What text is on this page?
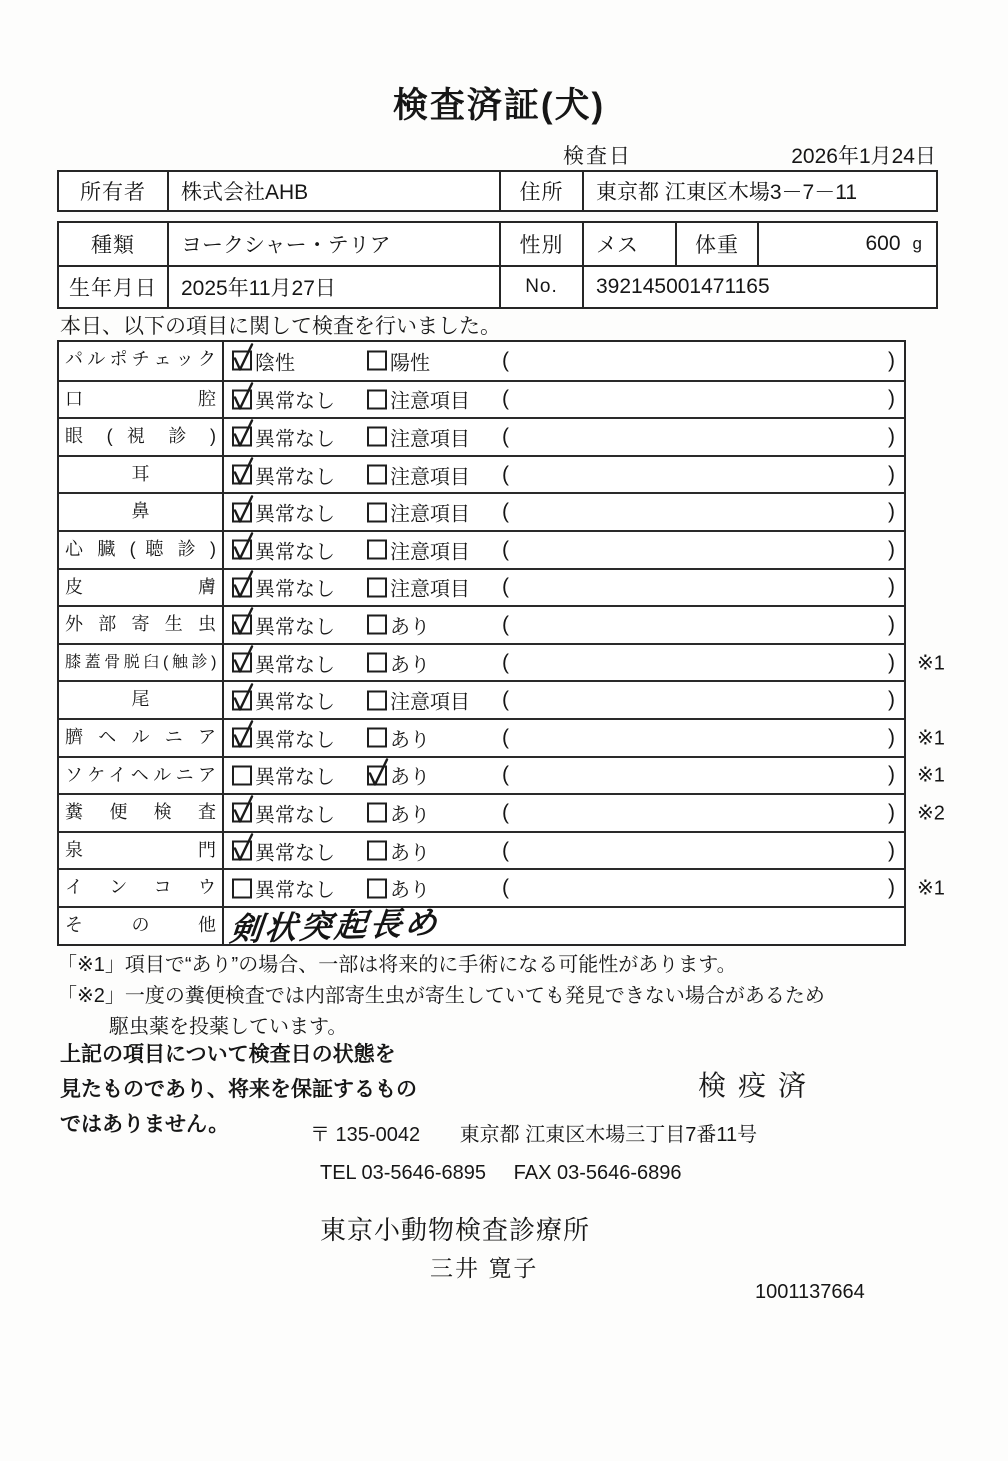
検査済証(犬)
検査日	2026年1月24日
所有者	株式会社AHB	住所	東京都 江東区木場3－7－11
種類	ヨークシャー・テリア	性別	メス	体重	600 g
生年月日	2025年11月27日	No.	392145001471165
本日、以下の項目に関して検査を行いました。
パルポチェック	陰性	陽性	(	)
口腔	異常なし	注意項目 (	)
眼 ( 視 診 )	異常なし	注意項目 (	)
耳	異常なし	注意項目 (	)
鼻	異常なし	注意項目 (	)
心 臓 ( 聴 診 )	異常なし	注意項目 (	)
皮膚	異常なし	注意項目 (	)
外部寄生虫	異常なし	あり	(	)
膝蓋骨脱臼(触診)	異常なし	あり	(	) ※1
尾	異常なし	注意項目 (	)
臍ヘルニア	異常なし	あり	(	) ※1
ソケイヘルニア	異常なし	あり	(	) ※1
糞便検査	異常なし	あり	(	) ※2
泉門	異常なし	あり	(	)
インコウ	異常なし	あり	(	) ※1
その他 剣状突起長め
「※1」項目で“あり”の場合、一部は将来的に手術になる可能性があります。
「※2」一度の糞便検査では内部寄生虫が寄生していても発見できない場合があるため
駆虫薬を投薬しています。
上記の項目について検査日の状態を
見たものであり、将来を保証するもの
ではありません。
検疫済
〒 135-0042 東京都 江東区木場三丁目7番11号
TEL 03-5646-6895 FAX 03-5646-6896
東京小動物検査診療所
三井 寛子
1001137664
